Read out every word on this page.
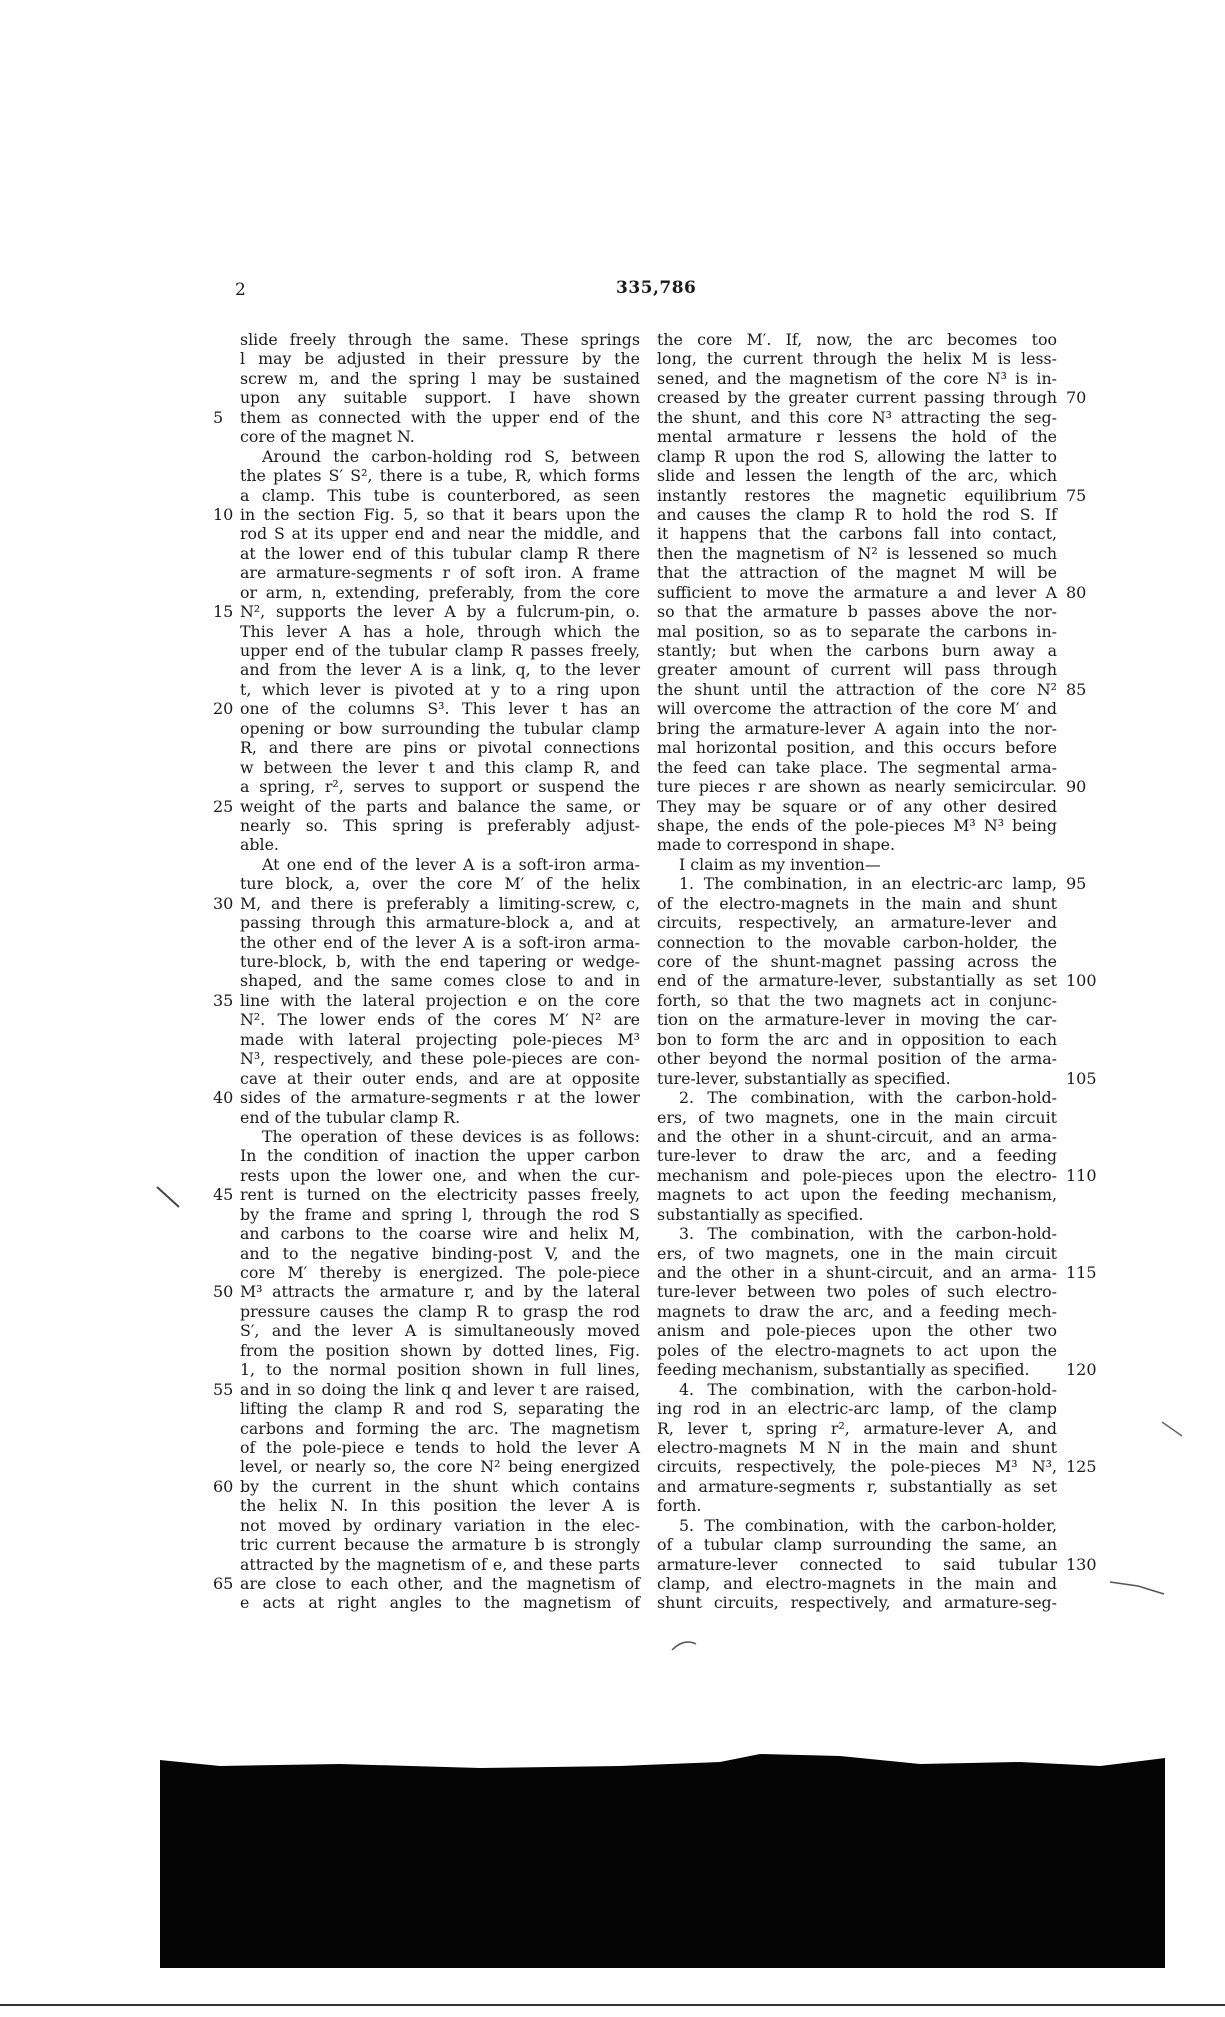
2	335,786
slide freely through the same. These springs
l may be adjusted in their pressure by the
screw m, and the spring l may be sustained
upon any suitable support. I have shown
them as connected with the upper end of the
5
core of the magnet N.
Around the carbon-holding rod S, between
the plates S′ S², there is a tube, R, which forms
a clamp. This tube is counterbored, as seen
in the section Fig. 5, so that it bears upon the
10
rod S at its upper end and near the middle, and
at the lower end of this tubular clamp R there
are armature-segments r of soft iron. A frame
or arm, n, extending, preferably, from the core
N², supports the lever A by a fulcrum-pin, o.
15
This lever A has a hole, through which the
upper end of the tubular clamp R passes freely,
and from the lever A is a link, q, to the lever
t, which lever is pivoted at y to a ring upon
one of the columns S³. This lever t has an
20
opening or bow surrounding the tubular clamp
R, and there are pins or pivotal connections
w between the lever t and this clamp R, and
a spring, r², serves to support or suspend the
weight of the parts and balance the same, or
25
nearly so. This spring is preferably adjust-
able.
At one end of the lever A is a soft-iron arma-
ture block, a, over the core M′ of the helix
M, and there is preferably a limiting-screw, c,
30
passing through this armature-block a, and at
the other end of the lever A is a soft-iron arma-
ture-block, b, with the end tapering or wedge-
shaped, and the same comes close to and in
line with the lateral projection e on the core
35
N². The lower ends of the cores M′ N² are
made with lateral projecting pole-pieces M³
N³, respectively, and these pole-pieces are con-
cave at their outer ends, and are at opposite
sides of the armature-segments r at the lower
40
end of the tubular clamp R.
The operation of these devices is as follows:
In the condition of inaction the upper carbon
rests upon the lower one, and when the cur-
rent is turned on the electricity passes freely,
45
by the frame and spring l, through the rod S
and carbons to the coarse wire and helix M,
and to the negative binding-post V, and the
core M′ thereby is energized. The pole-piece
M³ attracts the armature r, and by the lateral
50
pressure causes the clamp R to grasp the rod
S′, and the lever A is simultaneously moved
from the position shown by dotted lines, Fig.
1, to the normal position shown in full lines,
and in so doing the link q and lever t are raised,
55
lifting the clamp R and rod S, separating the
carbons and forming the arc. The magnetism
of the pole-piece e tends to hold the lever A
level, or nearly so, the core N² being energized
by the current in the shunt which contains
60
the helix N. In this position the lever A is
not moved by ordinary variation in the elec-
tric current because the armature b is strongly
attracted by the magnetism of e, and these parts
are close to each other, and the magnetism of
65
e acts at right angles to the magnetism of
the core M′. If, now, the arc becomes too
long, the current through the helix M is less-
sened, and the magnetism of the core N³ is in-
creased by the greater current passing through 70
the shunt, and this core N³ attracting the seg-
mental armature r lessens the hold of the
clamp R upon the rod S, allowing the latter to
slide and lessen the length of the arc, which
instantly restores the magnetic equilibrium 75
and causes the clamp R to hold the rod S. If
it happens that the carbons fall into contact,
then the magnetism of N² is lessened so much
that the attraction of the magnet M will be
sufficient to move the armature a and lever A 80
so that the armature b passes above the nor-
mal position, so as to separate the carbons in-
stantly; but when the carbons burn away a
greater amount of current will pass through
the shunt until the attraction of the core N² 85
will overcome the attraction of the core M′ and
bring the armature-lever A again into the nor-
mal horizontal position, and this occurs before
the feed can take place. The segmental arma-
ture pieces r are shown as nearly semicircular. 90
They may be square or of any other desired
shape, the ends of the pole-pieces M³ N³ being
made to correspond in shape.
I claim as my invention—
1. The combination, in an electric-arc lamp, 95
of the electro-magnets in the main and shunt
circuits, respectively, an armature-lever and
connection to the movable carbon-holder, the
core of the shunt-magnet passing across the
end of the armature-lever, substantially as set 100
forth, so that the two magnets act in conjunc-
tion on the armature-lever in moving the car-
bon to form the arc and in opposition to each
other beyond the normal position of the arma-
ture-lever, substantially as specified.	105
2. The combination, with the carbon-hold-
ers, of two magnets, one in the main circuit
and the other in a shunt-circuit, and an arma-
ture-lever to draw the arc, and a feeding
mechanism and pole-pieces upon the electro- 110
magnets to act upon the feeding mechanism,
substantially as specified.
3. The combination, with the carbon-hold-
ers, of two magnets, one in the main circuit
and the other in a shunt-circuit, and an arma- 115
ture-lever between two poles of such electro-
magnets to draw the arc, and a feeding mech-
anism and pole-pieces upon the other two
poles of the electro-magnets to act upon the
feeding mechanism, substantially as specified. 120
4. The combination, with the carbon-hold-
ing rod in an electric-arc lamp, of the clamp
R, lever t, spring r², armature-lever A, and
electro-magnets M N in the main and shunt
circuits, respectively, the pole-pieces M³ N³, 125
and armature-segments r, substantially as set
forth.
5. The combination, with the carbon-holder,
of a tubular clamp surrounding the same, an
armature-lever connected to said tubular 130
clamp, and electro-magnets in the main and
shunt circuits, respectively, and armature-seg-
